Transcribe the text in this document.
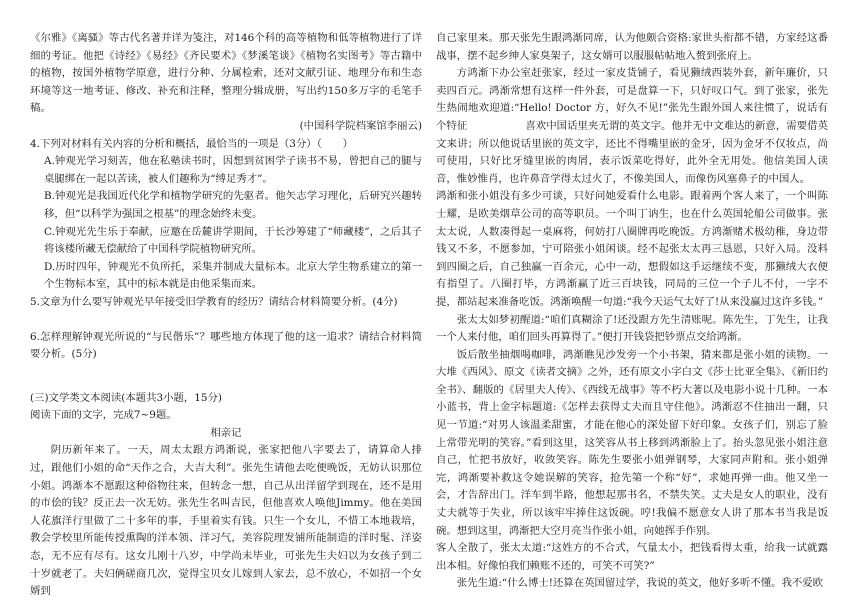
《尔雅》《离骚》等古代名著并详为笺注，对146个科的高等植物和低等植物进行了详细的考证。他把《诗经》《易经》《齐民要术》《梦溪笔谈》《植物名实图考》等古籍中的植物，按国外植物学原意，进行分种、分属检索，还对文献引证、地理分布和生态环境等这一地考证、修改、补充和注释，整理分辑成册，写出约150多万字的毛笔手稿。

(中国科学院档案馆李丽云)

4.下列对材料有关内容的分析和概括，最恰当的一项是（3分）（　　）

A.钟观光学习刻苦，他在私塾读书时，因想到贫困学子读书不易，曾把自己的腿与桌腿绑在一起以苦读，被人们趣称为“缚足秀才”。

B.钟观光是我国近代化学和植物学研究的先驱者。他矢志学习理化，后研究兴趣转移，但“以科学为强国之根基”的理念始终未变。

C.钟观光先生乐于奉献，应邀在岳麓讲学期间，于长沙筹建了“师藏楼”，之后其子将该楼所藏无偿献给了中国科学院植物研究所。

D.历时四年，钟观光不负所托，采集并制成大量标本。北京大学生物系建立的第一个生物标本室，其中的标本就是由他采集而来。

5.文章为什么要写钟观光早年接受旧学教育的经历？请结合材料简要分析。(4分)

6.怎样理解钟观光所说的“与民偕乐”？哪些地方体现了他的这一追求？请结合材料简要分析。(5分)

(三)文学类文本阅读(本题共3小题，15分)

阅读下面的文字，完成7~9题。

相亲记

阴历新年来了。一天，周太太跟方鸿渐说，张家把他八字要去了，请算命人排过，跟他们小姐的命“天作之合，大吉大利”。张先生请他去吃便晚饭，无妨认识那位小姐。鸿渐本不愿跟这种俗物往来，但转念一想，自己从出洋留学到现在，还不是用的市侩的钱？反正去一次无妨。张先生名叫吉民，但他喜欢人唤他Jimmy。他在美国人花旗洋行里做了二十多年的事，手里着实有钱。只生一个女儿，不惜工本地栽培，教会学校里所能传授熏陶的洋本领、洋习气，美容院理发铺所能制造的洋时髦、洋姿态，无不应有尽有。这女儿刚十八岁，中学尚未毕业，可张先生夫妇以为女孩子到二十岁就老了。夫妇俩磋商几次，觉得宝贝女儿嫁到人家去，总不放心，不如招一个女婿到

自己家里来。那天张先生跟鸿渐同席，认为他颇合资格:家世头衔都不错，方家经这番战事，摆不起乡绅人家臭架子，这女婿可以服服帖帖地入赘到张府上。

方鸿渐下办公室赶张家，经过一家皮货铺子，看见獭绒西装外套，新年廉价，只卖四百元。鸿渐常想有这样一件外套，可是盘算一下，只好叹口气。到了张家，张先生热闹地欢迎道:“Hello! Doctor 方，好久不见!”张先生跟外国人来往惯了，说话有个特征	喜欢中国话里夹无谓的英文字。他并无中文难达的新意，需要借英文来讲；所以他说话里嵌的英文字，还比不得嘴里嵌的金牙，因为金牙不仅妆点，尚可使用，只好比牙缝里嵌的肉屑，表示饭菜吃得好，此外全无用处。他信美国人读音，惟妙惟肖，也许鼻音学得太过火了，不像美国人，而像伤风塞鼻子的中国人。

鸿渐和张小姐没有多少可谈，只好问她爱看什么电影。跟着两个客人来了，一个叫陈士耀，是欧美烟草公司的高等职员。一个叫丁讷生，也在什么英国轮船公司做事。张太太说，人数凑得起一桌麻将，何妨打八圈牌再吃晚饭。方鸿渐赌术极幼稚，身边带钱又不多，不愿参加，宁可陪张小姐闲谈。经不起张太太再三恳恩，只好入局。没料到四圈之后，自己独赢一百余元，心中一动，想假如这手运继续不变，那獭绒大衣便有指望了。八圈打毕，方鸿渐赢了近三百块钱，同局的三位一个子儿不付，一字不提，都站起来准备吃饭。鸿渐唤醒一句道:“我今天运气太好了!从来没赢过这许多钱。”

张太太如梦初醒道:“咱们真糊涂了!还没跟方先生清账呢。陈先生，丁先生，让我一个人来付他，咱们回头再算得了。”便打开钱袋把钞票点交给鸿渐。

饭后散坐抽烟喝咖啡，鸿渐瞧见沙发旁一个小书架，猜来都是张小姐的读物。一大堆《西风》、原文《读者文摘》之外，还有原文小字白文《莎士比亚全集》、《新旧约全书》、翻版的《居里夫人传》、《西线无战事》等不朽大著以及电影小说十几种。一本小蓝书，背上金字标题道:《怎样去获得丈夫而且守住他》。鸿渐忍不住抽出一翻，只见一节道:“对男人该温柔甜蜜，才能在他心的深处留下好印象。女孩子们，别忘了脸上常带光明的笑容。”看到这里，这笑容从书上移到鸿渐脸上了。抬头忽见张小姐注意自己，忙把书放好，收敛笑容。陈先生要张小姐弹钢琴，大家同声附和。张小姐弹完，鸿渐要补救这令她误解的笑容，抢先第一个称“好”，求她再弹一曲。他又坐一会，才告辞出门。洋车到半路，他想起那书名，不禁失笑。丈夫是女人的职业，没有丈夫就等于失业，所以该牢牢捧住这饭碗。哼!我偏不愿意女人讲了那本书当我是饭碗。想到这里，鸿渐把大空月亮当作张小姐，向她挥手作别。

客人全散了，张太太道:“这姓方的不合式，气量太小，把钱看得太重，给我一试就露出本相。好像怕我们赖账不还的，可笑不可笑?”

张先生道:“什么博士!还算在英国留过学，我说的英文，他好多听不懂。我不爱欧
